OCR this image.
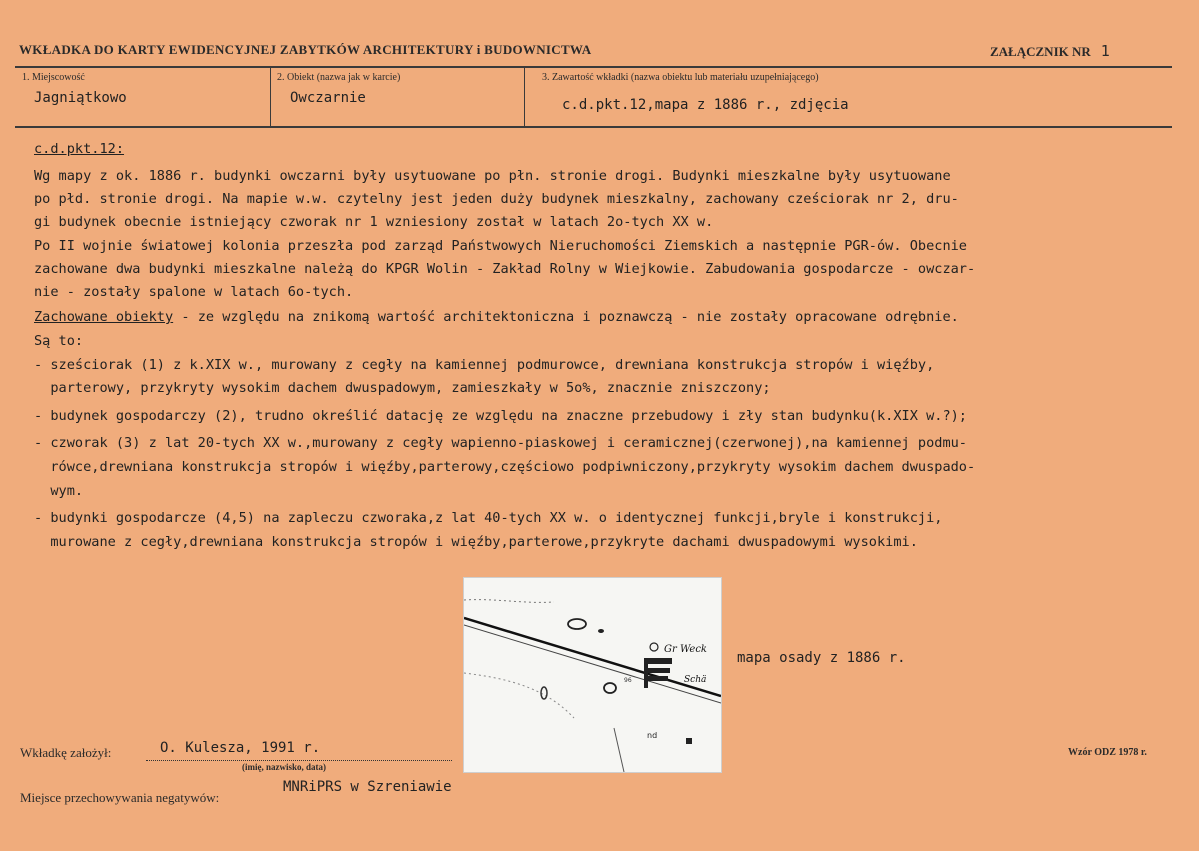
WKŁADKA DO KARTY EWIDENCYJNEJ ZABYTKÓW ARCHITEKTURY i BUDOWNICTWA	ZAŁĄCZNIK NR 1
1. Miejscowość
Jagniątkowo
2. Obiekt (nazwa jak w karcie)
Owczarnie
3. Zawartość wkładki (nazwa obiektu lub materiału uzupełniającego)
c.d.pkt.12,mapa z 1886 r., zdjęcia
c.d.pkt.12:
Wg mapy z ok. 1886 r. budynki owczarni były usytuowane po płn. stronie drogi. Budynki mieszkalne były usytuowane
po płd. stronie drogi. Na mapie w.w. czytelny jest jeden duży budynek mieszkalny, zachowany cześciorak nr 2, dru-
gi budynek obecnie istniejący czworak nr 1 wzniesiony został w latach 2o-tych XX w.
Po II wojnie światowej kolonia przeszła pod zarząd Państwowych Nieruchomości Ziemskich a następnie PGR-ów. Obecnie
zachowane dwa budynki mieszkalne należą do KPGR Wolin - Zakład Rolny w Wiejkowie. Zabudowania gospodarcze - owczar-
nie - zostały spalone w latach 6o-tych.
Zachowane obiekty - ze względu na znikomą wartość architektoniczna i poznawczą - nie zostały opracowane odrębnie.
Są to:
- sześciorak (1) z k.XIX w., murowany z cegły na kamiennej podmurowce, drewniana konstrukcja stropów i więźby,
parterowy, przykryty wysokim dachem dwuspadowym, zamieszkały w 5o%, znacznie zniszczony;
- budynek gospodarczy (2), trudno określić datację ze względu na znaczne przebudowy i zły stan budynku(k.XIX w.?);
- czworak (3) z lat 20-tych XX w.,murowany z cegły wapienno-piaskowej i ceramicznej(czerwonej),na kamiennej podmu-
rówce,drewniana konstrukcja stropów i więźby,parterowy,częściowo podpiwniczony,przykryty wysokim dachem dwuspado-
wym.
- budynki gospodarcze (4,5) na zapleczu czworaka,z lat 40-tych XX w. o identycznej funkcji,bryle i konstrukcji,
murowane z cegły,drewniana konstrukcja stropów i więźby,parterowe,przykryte dachami dwuspadowymi wysokimi.
Gr Weck
Schä
96
nd
mapa osady z 1886 r.
Wkładkę założył:	O. Kulesza, 1991 r.
(imię, nazwisko, data)
Miejsce przechowywania negatywów:
MNRiPRS w Szreniawie
Wzór ODZ 1978 r.
